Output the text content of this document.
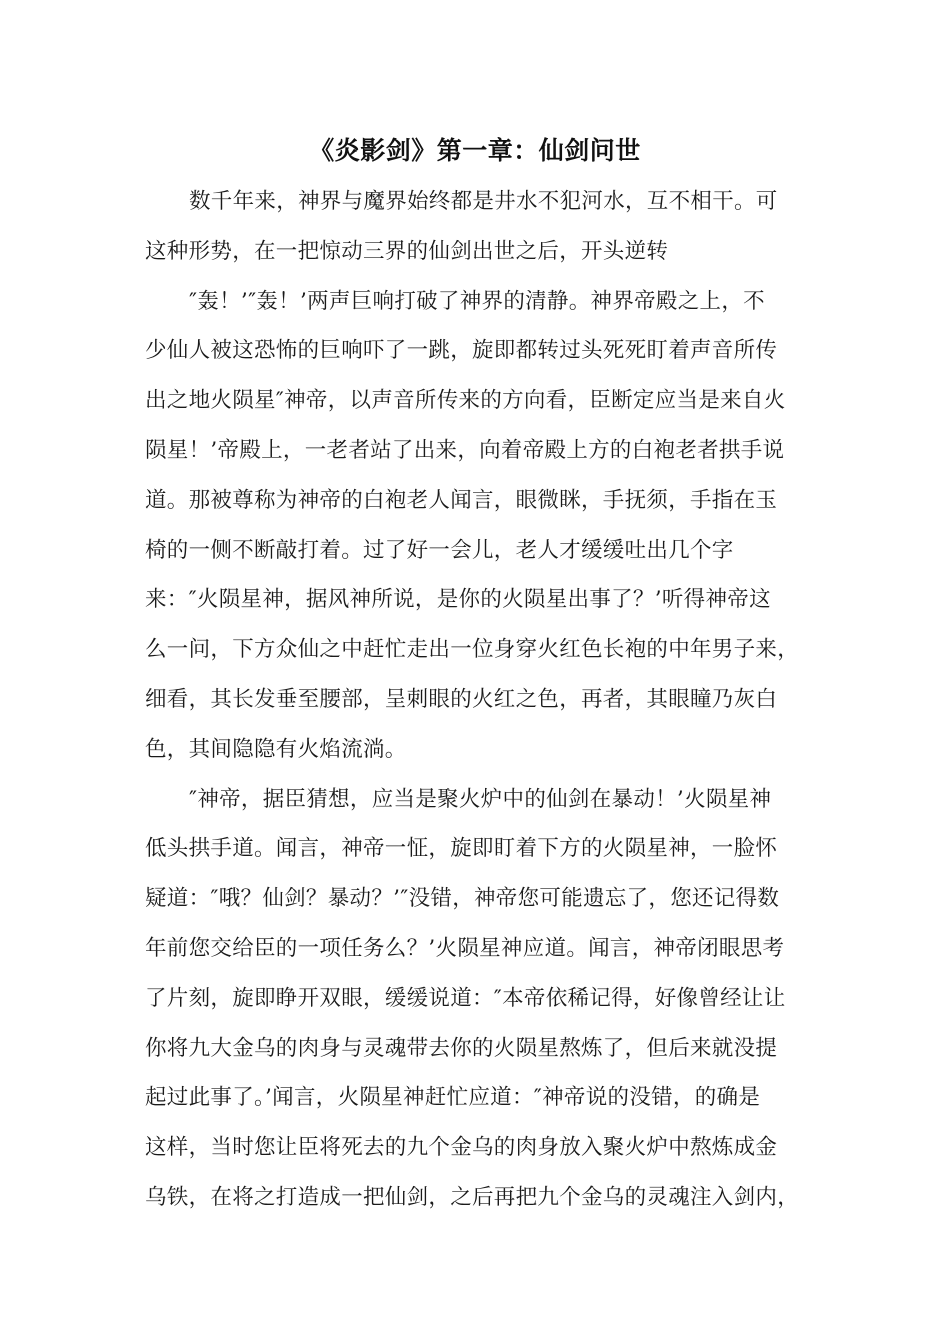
《炎影剑》第一章：仙剑问世
数千年来，神界与魔界始终都是井水不犯河水，互不相干。可
这种形势，在一把惊动三界的仙剑出世之后，开头逆转
″轰！’″轰！’两声巨响打破了神界的清静。神界帝殿之上，不
少仙人被这恐怖的巨响吓了一跳，旋即都转过头死死盯着声音所传
出之地火陨星″神帝，以声音所传来的方向看，臣断定应当是来自火
陨星！’帝殿上，一老者站了出来，向着帝殿上方的白袍老者拱手说
道。那被尊称为神帝的白袍老人闻言，眼微眯，手抚须，手指在玉
椅的一侧不断敲打着。过了好一会儿，老人才缓缓吐出几个字
来：″火陨星神，据风神所说，是你的火陨星出事了？’听得神帝这
么一问，下方众仙之中赶忙走出一位身穿火红色长袍的中年男子来，
细看，其长发垂至腰部，呈刺眼的火红之色，再者，其眼瞳乃灰白
色，其间隐隐有火焰流淌。
″神帝，据臣猜想，应当是聚火炉中的仙剑在暴动！’火陨星神
低头拱手道。闻言，神帝一怔，旋即盯着下方的火陨星神，一脸怀
疑道：″哦？仙剑？暴动？’″没错，神帝您可能遗忘了，您还记得数
年前您交给臣的一项任务么？’火陨星神应道。闻言，神帝闭眼思考
了片刻，旋即睁开双眼，缓缓说道：″本帝依稀记得，好像曾经让让
你将九大金乌的肉身与灵魂带去你的火陨星熬炼了，但后来就没提
起过此事了。’闻言，火陨星神赶忙应道：″神帝说的没错，的确是
这样，当时您让臣将死去的九个金乌的肉身放入聚火炉中熬炼成金
乌铁，在将之打造成一把仙剑，之后再把九个金乌的灵魂注入剑内，
